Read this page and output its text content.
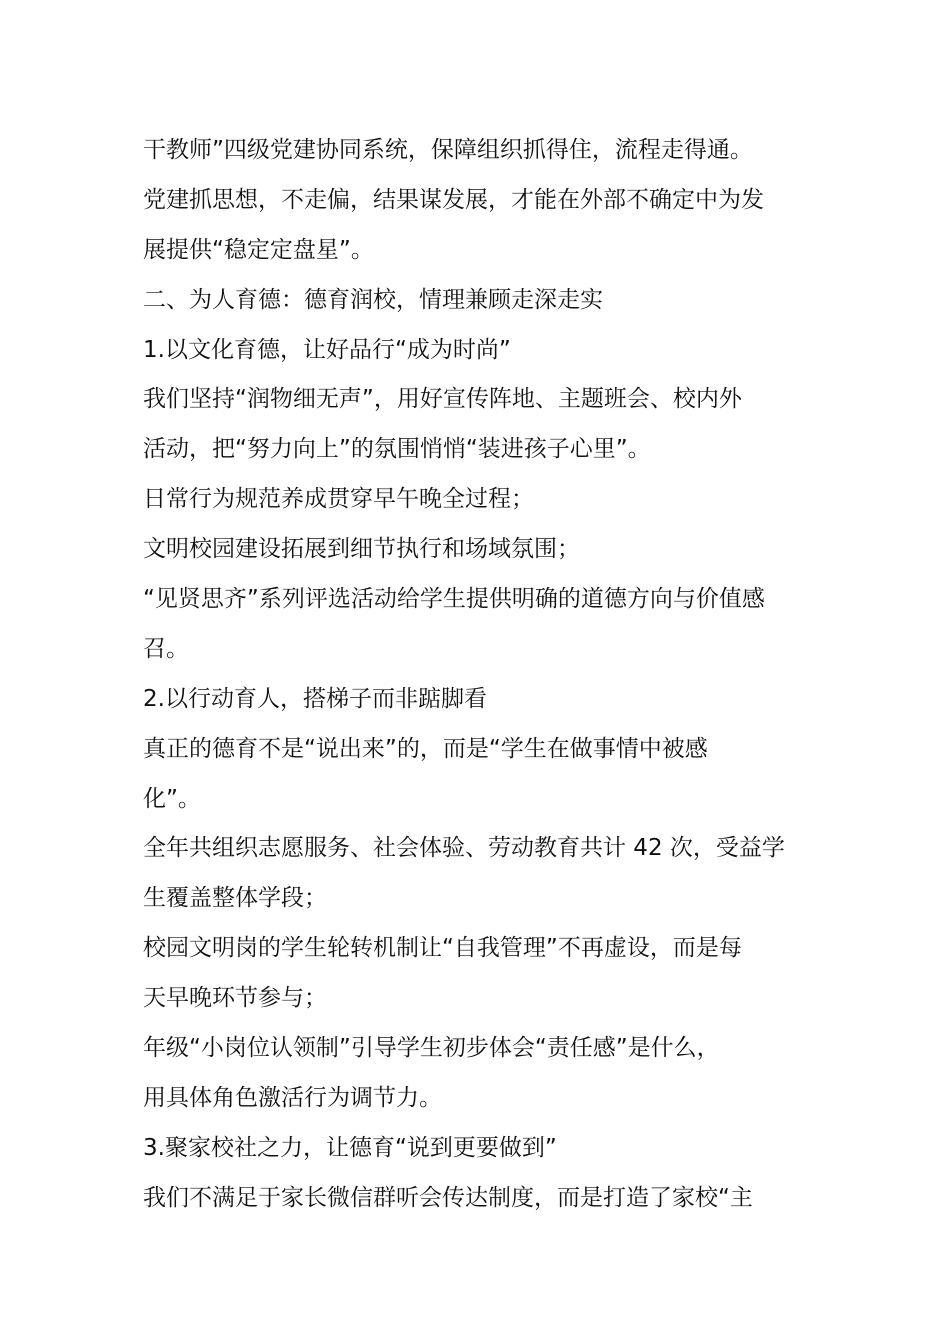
干教师”四级党建协同系统，保障组织抓得住，流程走得通。
党建抓思想，不走偏，结果谋发展，才能在外部不确定中为发
展提供“稳定定盘星”。
二、为人育德：德育润校，情理兼顾走深走实
1.以文化育德，让好品行“成为时尚”
我们坚持“润物细无声”，用好宣传阵地、主题班会、校内外
活动，把“努力向上”的氛围悄悄“装进孩子心里”。
日常行为规范养成贯穿早午晚全过程；
文明校园建设拓展到细节执行和场域氛围；
“见贤思齐”系列评选活动给学生提供明确的道德方向与价值感
召。
2.以行动育人，搭梯子而非踮脚看
真正的德育不是“说出来”的，而是“学生在做事情中被感
化”。
全年共组织志愿服务、社会体验、劳动教育共计 42 次，受益学
生覆盖整体学段；
校园文明岗的学生轮转机制让“自我管理”不再虚设，而是每
天早晚环节参与；
年级“小岗位认领制”引导学生初步体会“责任感”是什么，
用具体角色激活行为调节力。
3.聚家校社之力，让德育“说到更要做到”
我们不满足于家长微信群听会传达制度，而是打造了家校“主
